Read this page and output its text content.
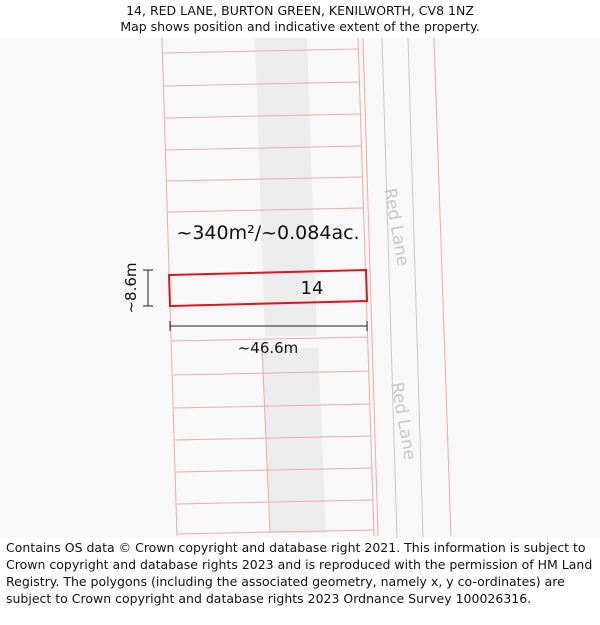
14, RED LANE, BURTON GREEN, KENILWORTH, CV8 1NZ
Map shows position and indicative extent of the property.
14
~340m²/~0.084ac.
~8.6m
~46.6m
Red Lane
Red Lane
Contains OS data © Crown copyright and database right 2021. This information is subject to Crown copyright and database rights 2023 and is reproduced with the permission of HM Land Registry. The polygons (including the associated geometry, namely x, y co-ordinates) are subject to Crown copyright and database rights 2023 Ordnance Survey 100026316.
